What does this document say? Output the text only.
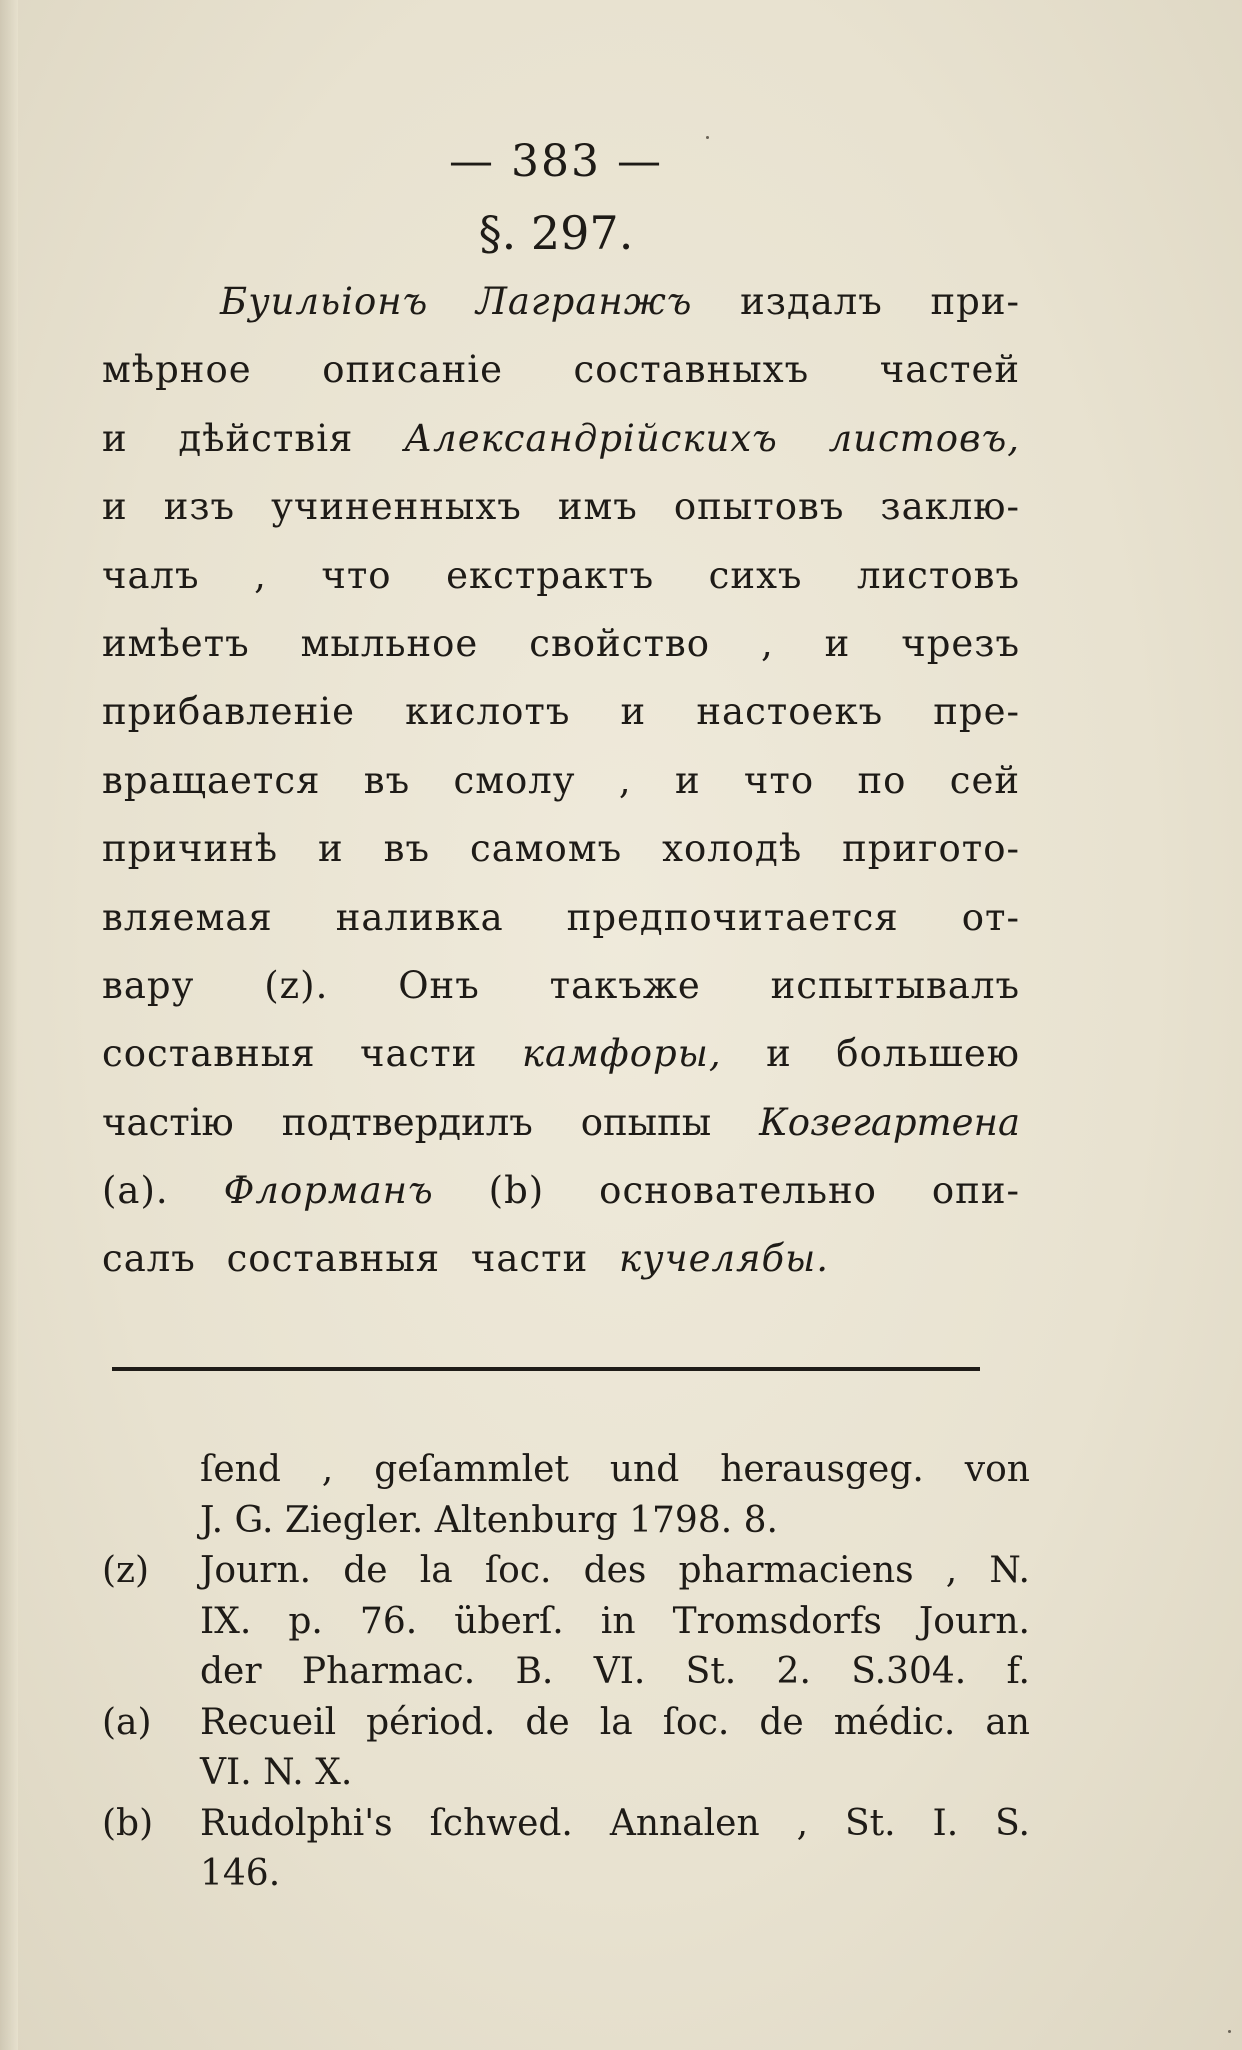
— 383 —
§. 297.
Буильіонъ Лагранжъ издалъ при-
мѣрное описаніе составныхъ частей
и дѣйствія Александрійскихъ листовъ,
и изъ учиненныхъ имъ опытовъ заклю-
чалъ , что екстрактъ сихъ листовъ
имѣетъ мыльное свойство , и чрезъ
прибавленіе кислотъ и настоекъ пре-
вращается въ смолу , и что по сей
причинѣ и въ самомъ холодѣ пригото-
вляемая наливка предпочитается от-
вару (z). Онъ такъже испытывалъ
составныя части камфоры, и большею
частію подтвердилъ опыпы Козегартена
(a). Флорманъ (b) основательно опи-
салъ составныя части кучелябы.
ſend , geſammlet und herausgeg. von
J. G. Ziegler. Altenburg 1798. 8.
(z)	Journ. de la ſoc. des pharmaciens , N.
IX. p. 76. überſ. in Tromsdorfs Journ.
der Pharmac. B. VI. St. 2. S.304. f.
(a)	Recueil périod. de la ſoc. de médic. an
VI. N. X.
(b)	Rudolphi's ſchwed. Annalen , St. I. S.
146.
